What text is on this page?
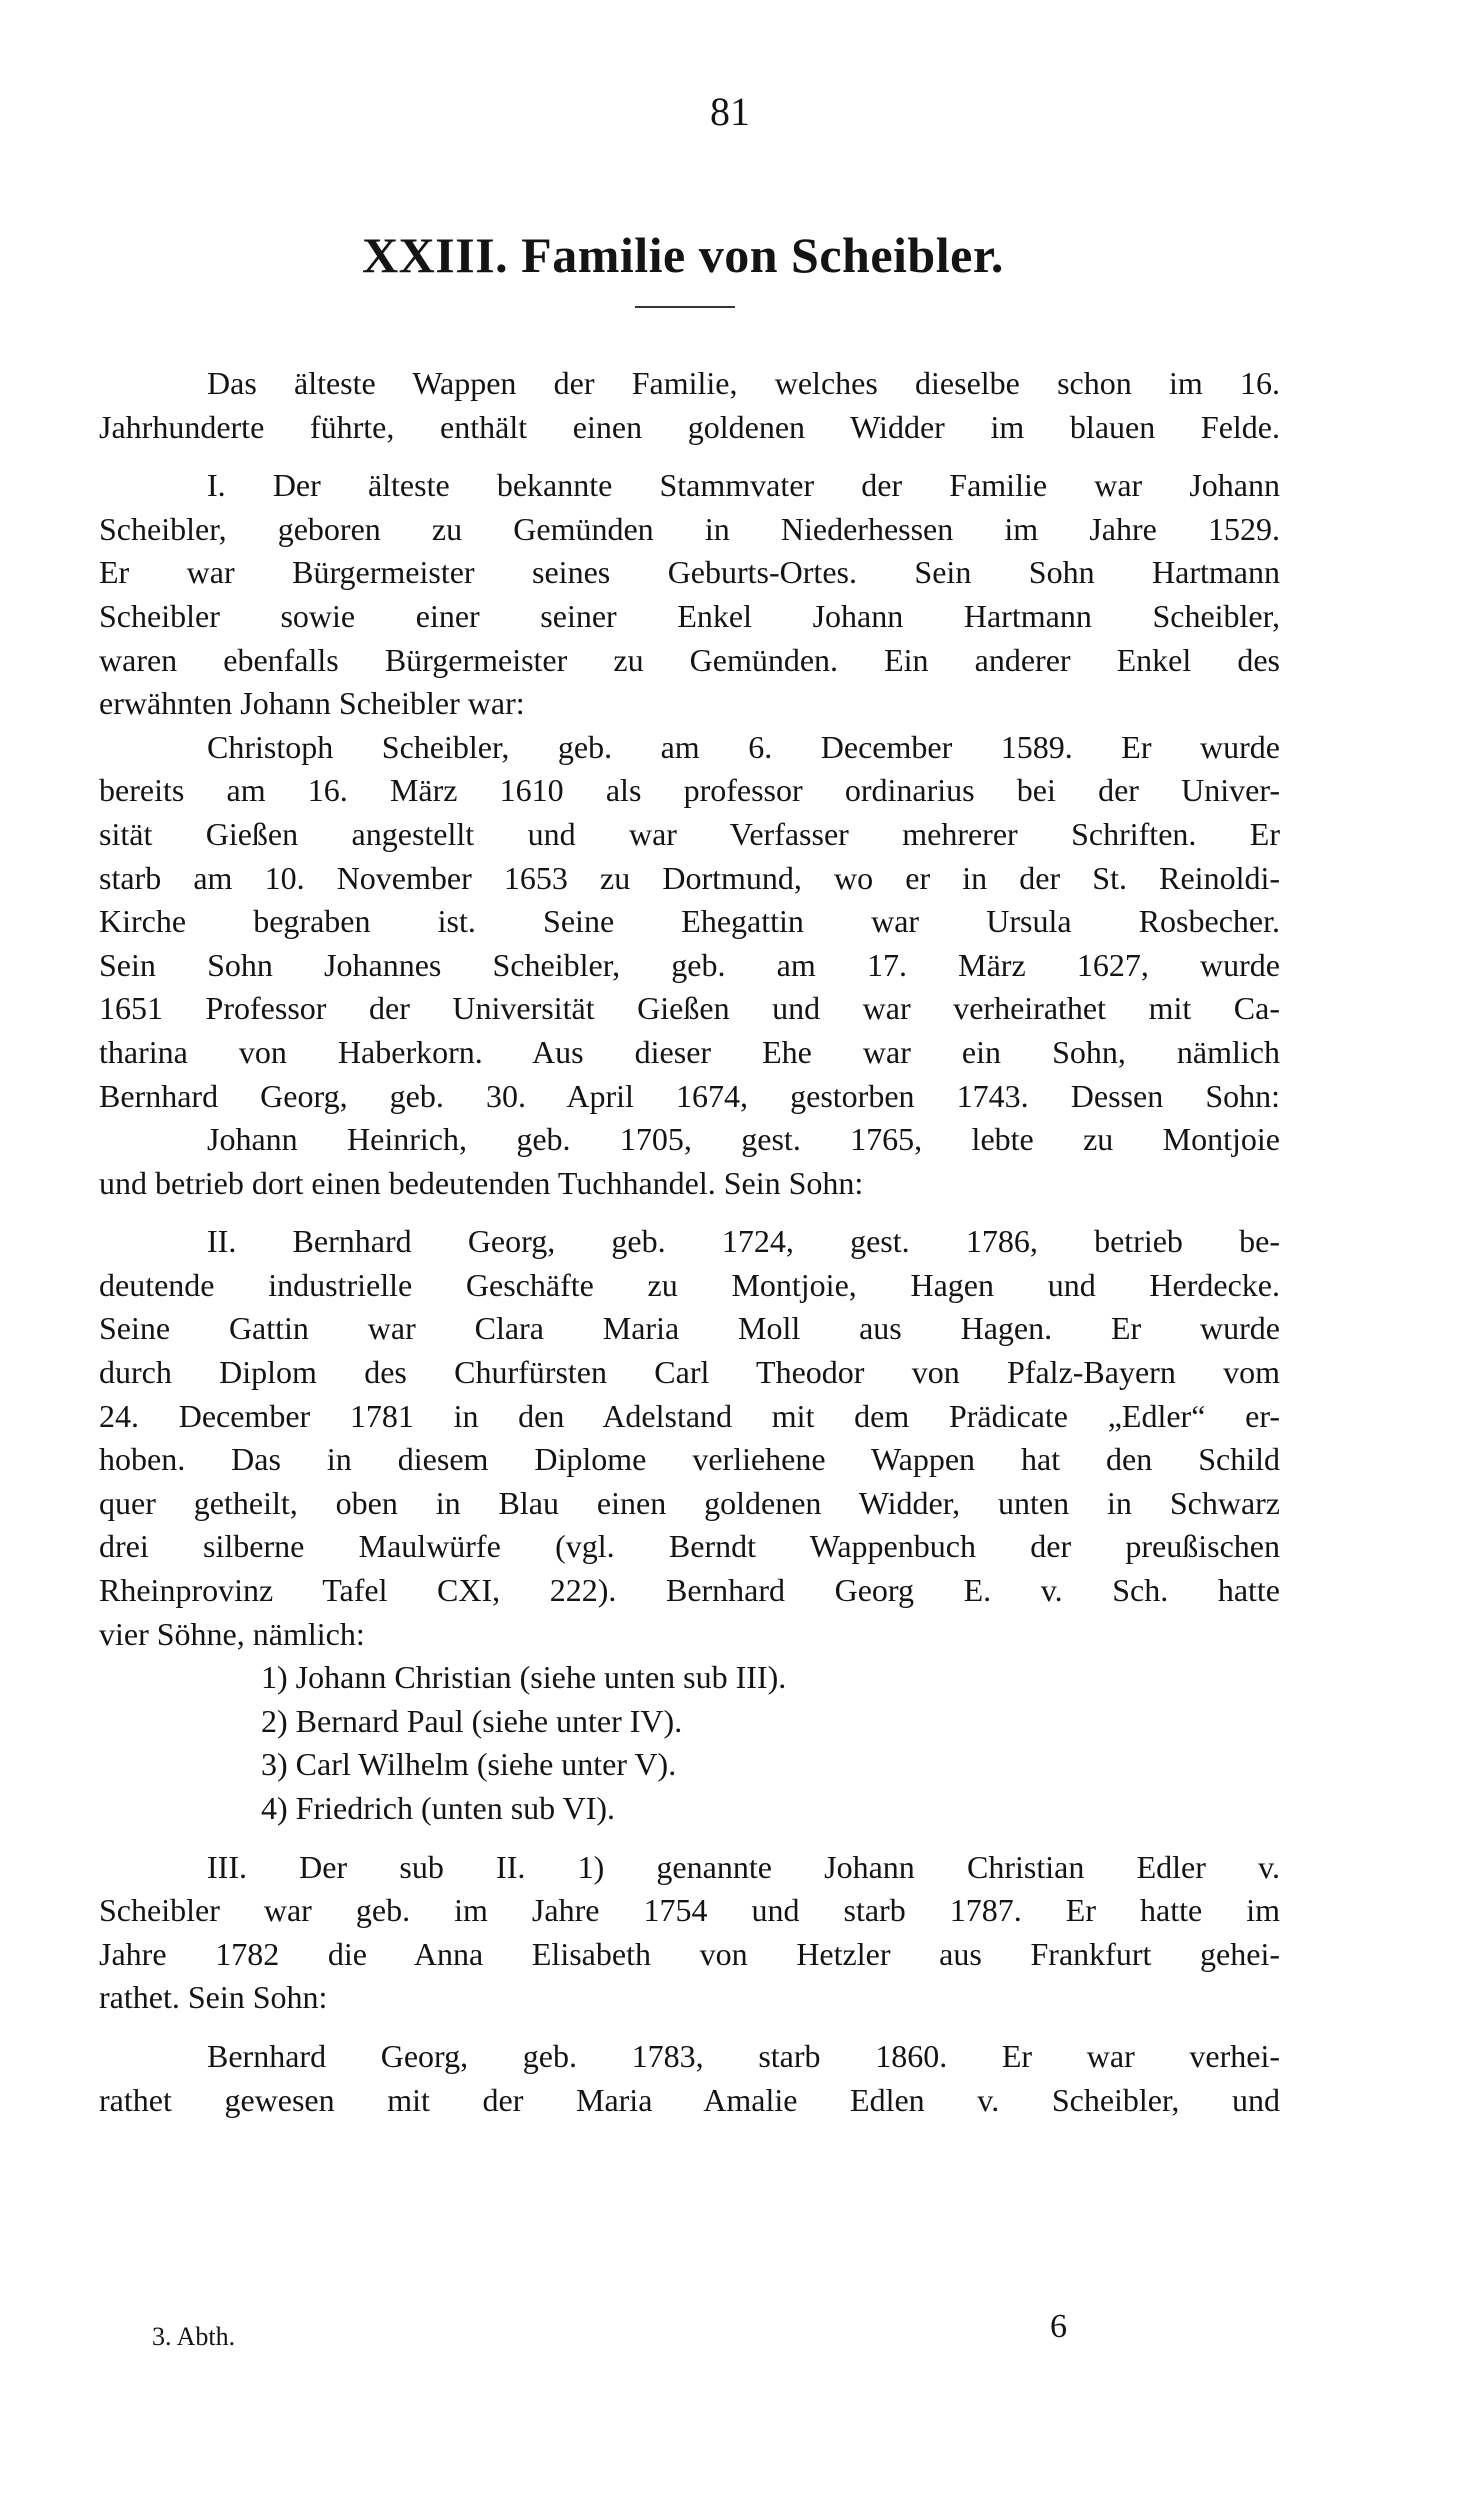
81
XXIII. Familie von Scheibler.
Das älteste Wappen der Familie, welches dieselbe schon im 16.
Jahrhunderte führte, enthält einen goldenen Widder im blauen Felde.
I. Der älteste bekannte Stammvater der Familie war Johann
Scheibler, geboren zu Gemünden in Niederhessen im Jahre 1529.
Er war Bürgermeister seines Geburts-Ortes. Sein Sohn Hartmann
Scheibler sowie einer seiner Enkel Johann Hartmann Scheibler,
waren ebenfalls Bürgermeister zu Gemünden. Ein anderer Enkel des
erwähnten Johann Scheibler war:
Christoph Scheibler, geb. am 6. December 1589. Er wurde
bereits am 16. März 1610 als professor ordinarius bei der Univer-
sität Gießen angestellt und war Verfasser mehrerer Schriften. Er
starb am 10. November 1653 zu Dortmund, wo er in der St. Reinoldi-
Kirche begraben ist. Seine Ehegattin war Ursula Rosbecher.
Sein Sohn Johannes Scheibler, geb. am 17. März 1627, wurde
1651 Professor der Universität Gießen und war verheirathet mit Ca-
tharina von Haberkorn. Aus dieser Ehe war ein Sohn, nämlich
Bernhard Georg, geb. 30. April 1674, gestorben 1743. Dessen Sohn:
Johann Heinrich, geb. 1705, gest. 1765, lebte zu Montjoie
und betrieb dort einen bedeutenden Tuchhandel. Sein Sohn:
II. Bernhard Georg, geb. 1724, gest. 1786, betrieb be-
deutende industrielle Geschäfte zu Montjoie, Hagen und Herdecke.
Seine Gattin war Clara Maria Moll aus Hagen. Er wurde
durch Diplom des Churfürsten Carl Theodor von Pfalz-Bayern vom
24. December 1781 in den Adelstand mit dem Prädicate „Edler“ er-
hoben. Das in diesem Diplome verliehene Wappen hat den Schild
quer getheilt, oben in Blau einen goldenen Widder, unten in Schwarz
drei silberne Maulwürfe (vgl. Berndt Wappenbuch der preußischen
Rheinprovinz Tafel CXI, 222). Bernhard Georg E. v. Sch. hatte
vier Söhne, nämlich:
1) Johann Christian (siehe unten sub III).
2) Bernard Paul (siehe unter IV).
3) Carl Wilhelm (siehe unter V).
4) Friedrich (unten sub VI).
III. Der sub II. 1) genannte Johann Christian Edler v.
Scheibler war geb. im Jahre 1754 und starb 1787. Er hatte im
Jahre 1782 die Anna Elisabeth von Hetzler aus Frankfurt gehei-
rathet. Sein Sohn:
Bernhard Georg, geb. 1783, starb 1860. Er war verhei-
rathet gewesen mit der Maria Amalie Edlen v. Scheibler, und
3. Abth.	6
